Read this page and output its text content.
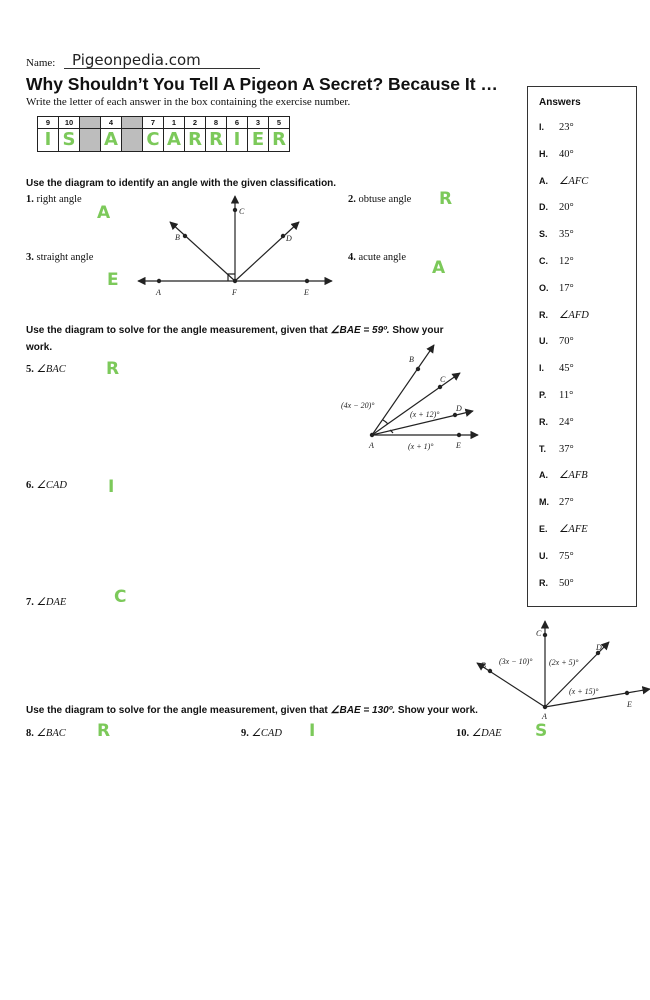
Name: Pigeonpedia.com
Why Shouldn’t You Tell A Pigeon A Secret? Because It …
Write the letter of each answer in the box containing the exercise number.
9	10		4		7	1	2	8	6	3	5
I	S		A		C	A	R	R	I	E	R
Use the diagram to identify an angle with the given classification.
1. right angle
A
2. obtuse angle R
3. straight angle
E
4. acute angle
A
A	F	E
C
B	D
B
C
D
A	E
(4x − 20)°
(x + 12)°
(x + 1)°
C
B
D
A
E
(3x − 10)° (2x + 5)°
(x + 15)°
Use the diagram to solve for the angle measurement, given that ∠BAE = 59º. Show your
work.
5. ∠BAC R
6. ∠CAD I
7. ∠DAE	C
Use the diagram to solve for the angle measurement, given that ∠BAE = 130º. Show your work.
8. ∠BAC R	9. ∠CAD I	10. ∠DAE S
Answers
I. 23°
H. 40°
A. ∠AFC
D. 20°
S. 35°
C. 12°
O. 17°
R. ∠AFD
U. 70°
I. 45°
P. 11°
R. 24°
T. 37°
A. ∠AFB
M. 27°
E. ∠AFE
U. 75°
R. 50°
